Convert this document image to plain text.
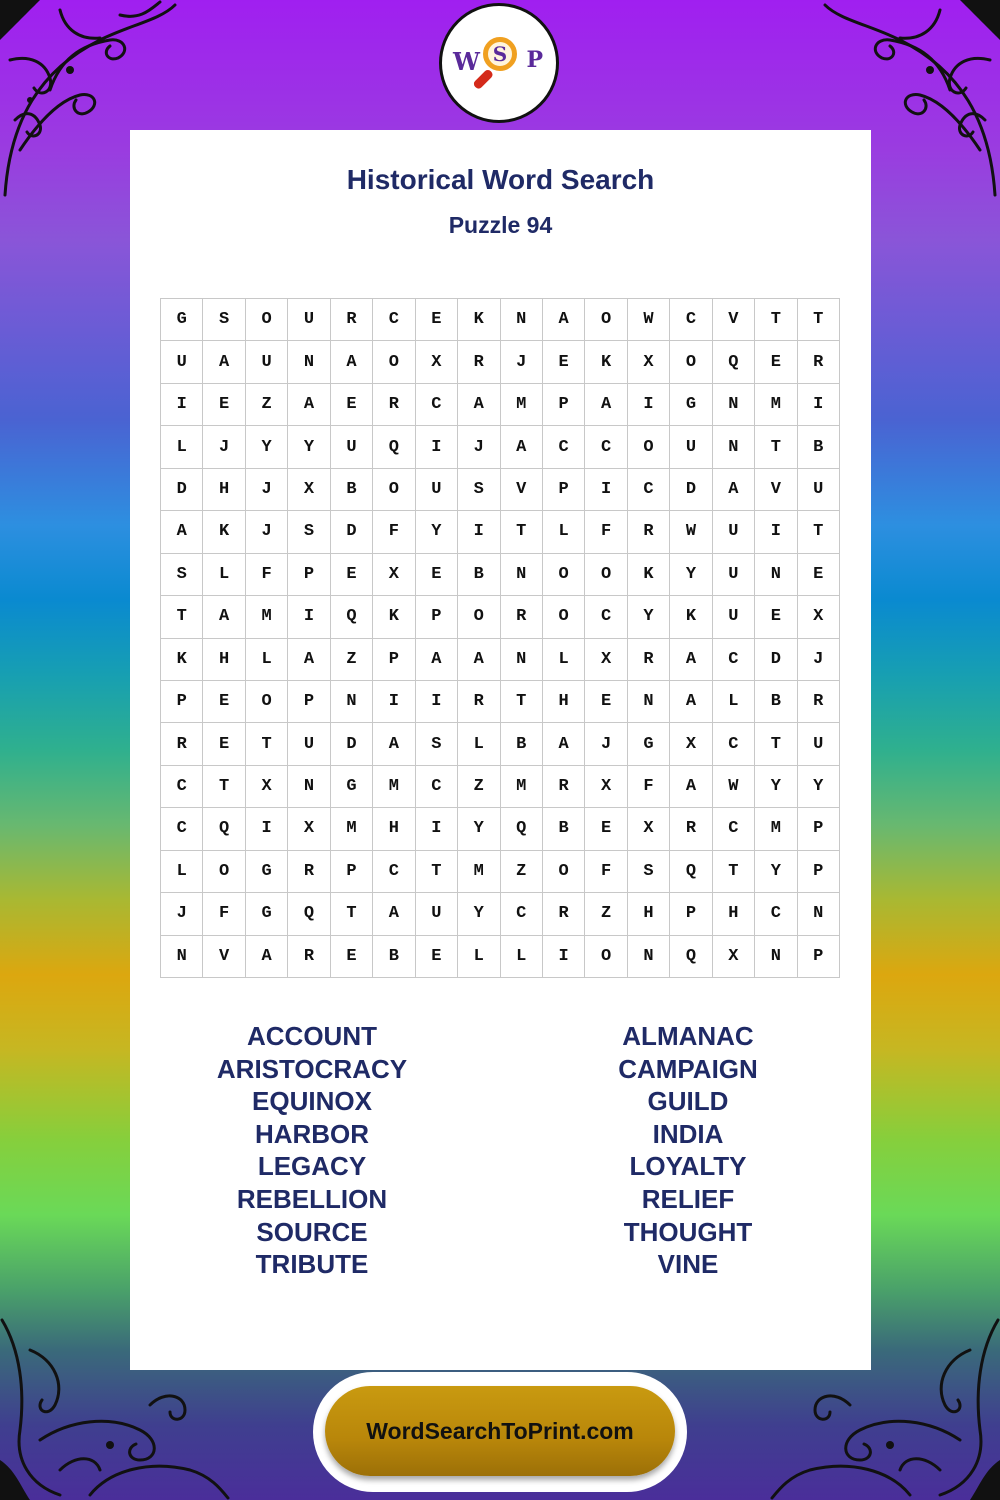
W S P
Historical Word Search
Puzzle 94
G	S	O	U	R	C	E	K	N	A	O	W	C	V	T	T
U	A	U	N	A	O	X	R	J	E	K	X	O	Q	E	R
I	E	Z	A	E	R	C	A	M	P	A	I	G	N	M	I
L	J	Y	Y	U	Q	I	J	A	C	C	O	U	N	T	B
D	H	J	X	B	O	U	S	V	P	I	C	D	A	V	U
A	K	J	S	D	F	Y	I	T	L	F	R	W	U	I	T
S	L	F	P	E	X	E	B	N	O	O	K	Y	U	N	E
T	A	M	I	Q	K	P	O	R	O	C	Y	K	U	E	X
K	H	L	A	Z	P	A	A	N	L	X	R	A	C	D	J
P	E	O	P	N	I	I	R	T	H	E	N	A	L	B	R
R	E	T	U	D	A	S	L	B	A	J	G	X	C	T	U
C	T	X	N	G	M	C	Z	M	R	X	F	A	W	Y	Y
C	Q	I	X	M	H	I	Y	Q	B	E	X	R	C	M	P
L	O	G	R	P	C	T	M	Z	O	F	S	Q	T	Y	P
J	F	G	Q	T	A	U	Y	C	R	Z	H	P	H	C	N
N	V	A	R	E	B	E	L	L	I	O	N	Q	X	N	P
ACCOUNT
ARISTOCRACY
EQUINOX
HARBOR
LEGACY
REBELLION
SOURCE
TRIBUTE
ALMANAC
CAMPAIGN
GUILD
INDIA
LOYALTY
RELIEF
THOUGHT
VINE
WordSearchToPrint.com
